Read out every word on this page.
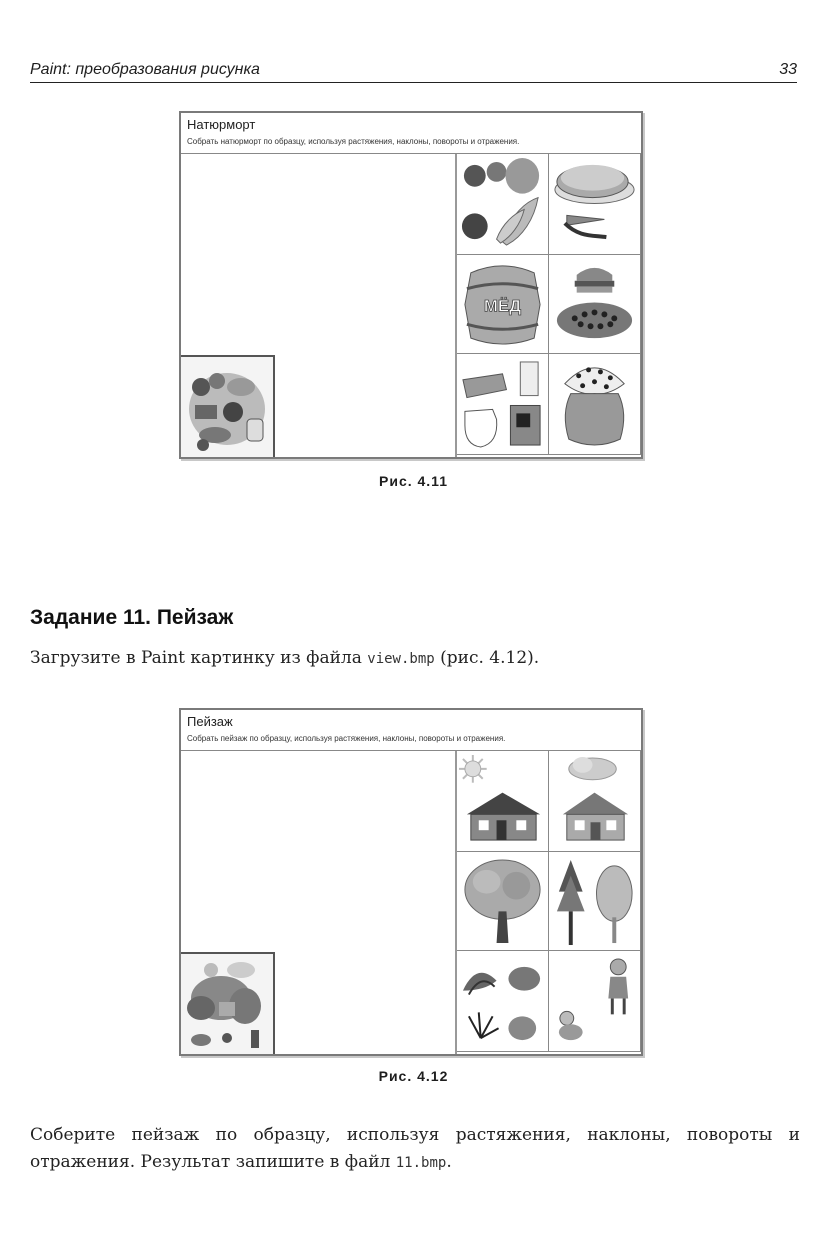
Paint: преобразования рисунка	33
Натюрморт
Собрать натюрморт по образцу, используя растяжения, наклоны, повороты и отражения.
МЁД
Рис. 4.11
Задание 11. Пейзаж
Загрузите в Paint картинку из файла view.bmp (рис. 4.12).
Пейзаж
Собрать пейзаж по образцу, используя растяжения, наклоны, повороты и отражения.
Рис. 4.12
Соберите пейзаж по образцу, используя растяжения, наклоны, повороты и отражения. Результат запишите в файл 11.bmp.
